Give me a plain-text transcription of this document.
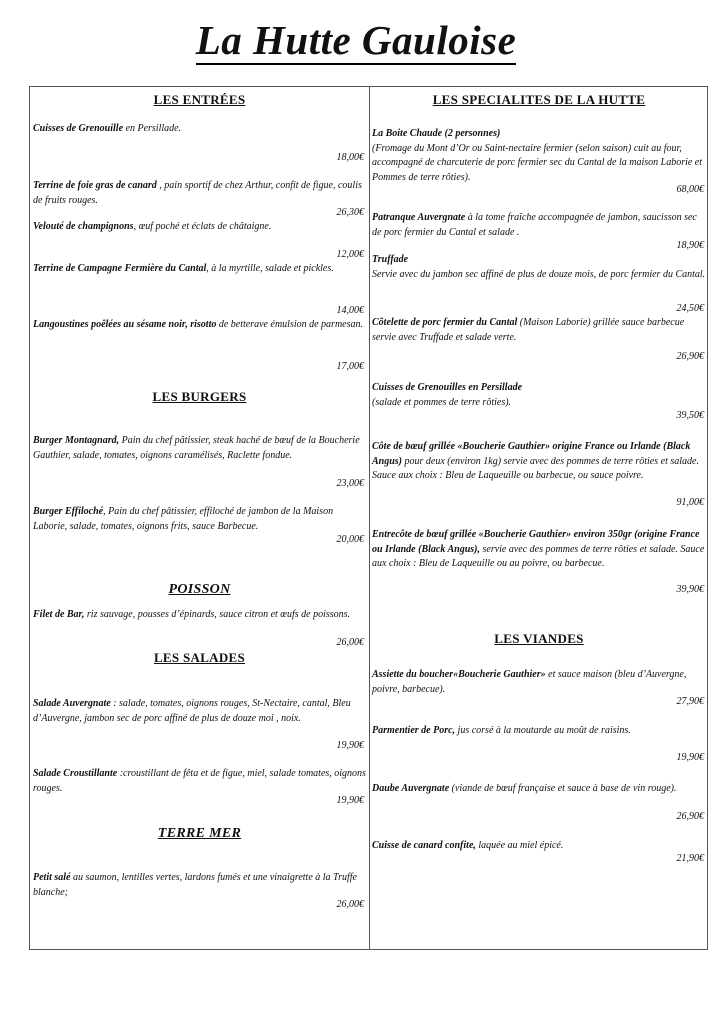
La Hutte Gauloise
LES ENTRÉES
Cuisses de Grenouille en Persillade.
18,00€
Terrine de foie gras de canard , pain sportif de chez Arthur, confit de figue, coulis de fruits rouges.
26,30€
Velouté de champignons, œuf poché et éclats de châtaigne.
12,00€
Terrine de Campagne Fermière du Cantal, à la myrtille, salade et pickles.
14,00€
Langoustines poêlées au sésame noir, risotto de betterave émulsion de parmesan.
17,00€
LES BURGERS
Burger Montagnard, Pain du chef pâtissier, steak haché de bœuf de la Boucherie Gauthier, salade, tomates, oignons caramélisés, Raclette fondue.
23,00€
Burger Effiloché, Pain du chef pâtissier, effiloché de jambon de la Maison Laborie, salade, tomates, oignons frits, sauce Barbecue.
20,00€
POISSON
Filet de Bar, riz sauvage, pousses d’épinards, sauce citron et œufs de poissons.
26,00€
LES SALADES
Salade Auvergnate : salade, tomates, oignons rouges, St-Nectaire, cantal, Bleu d’Auvergne, jambon sec de porc affiné de plus de douze moi , noix.
19,90€
Salade Croustillante :croustillant de fêta et de figue, miel, salade tomates, oignons rouges.
19,90€
TERRE MER
Petit salé au saumon, lentilles vertes, lardons fumés et une vinaigrette à la Truffe blanche;
26,00€
LES SPECIALITES DE LA HUTTE
La Boite Chaude (2 personnes)
(Fromage du Mont d’Or ou Saint-nectaire fermier (selon saison) cuit au four, accompagné de charcuterie de porc fermier sec du Cantal de la maison Laborie et Pommes de terre rôties).
68,00€
Patranque Auvergnate à la tome fraîche accompagnée de jambon, saucisson sec de porc fermier du Cantal et salade .
18,90€
Truffade
Servie avec du jambon sec affiné de plus de douze mois, de porc fermier du Cantal.
24,50€
Côtelette de porc fermier du Cantal (Maison Laborie) grillée sauce barbecue servie avec Truffade et salade verte.
26,90€
Cuisses de Grenouilles en Persillade
(salade et pommes de terre rôties).
39,50€
Côte de bœuf grillée «Boucherie Gauthier» origine France ou Irlande (Black Angus) pour deux (environ 1kg) servie avec des pommes de terre rôties et salade. Sauce aux choix : Bleu de Laqueuille ou barbecue, ou sauce poivre.
91,00€
Entrecôte de bœuf grillée «Boucherie Gauthier» environ 350gr (origine France ou Irlande (Black Angus), servie avec des pommes de terre rôties et salade. Sauce aux choix : Bleu de Laqueuille ou au poivre, ou barbecue.
39,90€
LES VIANDES
Assiette du boucher«Boucherie Gauthier» et sauce maison (bleu d’Auvergne, poivre, barbecue).
27,90€
Parmentier de Porc, jus corsé à la moutarde au moût de raisins.
19,90€
Daube Auvergnate (viande de bœuf française et sauce à base de vin rouge).
26,90€
Cuisse de canard confite, laquée au miel épicé.
21,90€
